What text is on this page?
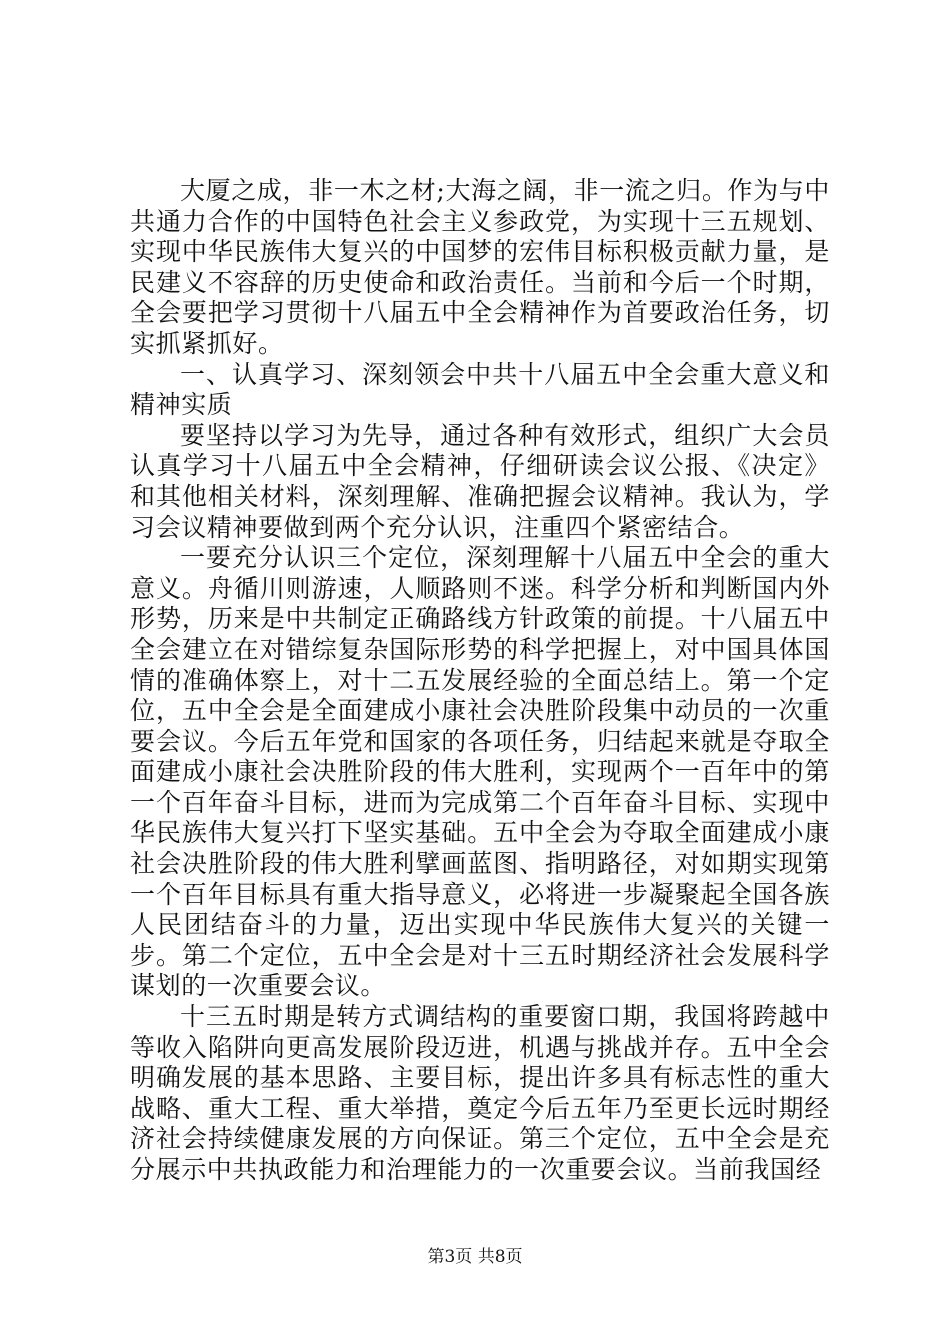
大厦之成，非一木之材;大海之阔，非一流之归。作为与中共通力合作的中国特色社会主义参政党，为实现十三五规划、实现中华民族伟大复兴的中国梦的宏伟目标积极贡献力量，是民建义不容辞的历史使命和政治责任。当前和今后一个时期，全会要把学习贯彻十八届五中全会精神作为首要政治任务，切实抓紧抓好。

一、认真学习、深刻领会中共十八届五中全会重大意义和精神实质

要坚持以学习为先导，通过各种有效形式，组织广大会员认真学习十八届五中全会精神，仔细研读会议公报、《决定》和其他相关材料，深刻理解、准确把握会议精神。我认为，学习会议精神要做到两个充分认识，注重四个紧密结合。

一要充分认识三个定位，深刻理解十八届五中全会的重大意义。舟循川则游速，人顺路则不迷。科学分析和判断国内外形势，历来是中共制定正确路线方针政策的前提。十八届五中全会建立在对错综复杂国际形势的科学把握上，对中国具体国情的准确体察上，对十二五发展经验的全面总结上。第一个定位，五中全会是全面建成小康社会决胜阶段集中动员的一次重要会议。今后五年党和国家的各项任务，归结起来就是夺取全面建成小康社会决胜阶段的伟大胜利，实现两个一百年中的第一个百年奋斗目标，进而为完成第二个百年奋斗目标、实现中华民族伟大复兴打下坚实基础。五中全会为夺取全面建成小康社会决胜阶段的伟大胜利擘画蓝图、指明路径，对如期实现第一个百年目标具有重大指导意义，必将进一步凝聚起全国各族人民团结奋斗的力量，迈出实现中华民族伟大复兴的关键一步。第二个定位，五中全会是对十三五时期经济社会发展科学谋划的一次重要会议。

十三五时期是转方式调结构的重要窗口期，我国将跨越中等收入陷阱向更高发展阶段迈进，机遇与挑战并存。五中全会明确发展的基本思路、主要目标，提出许多具有标志性的重大战略、重大工程、重大举措，奠定今后五年乃至更长远时期经济社会持续健康发展的方向保证。第三个定位，五中全会是充分展示中共执政能力和治理能力的一次重要会议。当前我国经

第3页 共8页
